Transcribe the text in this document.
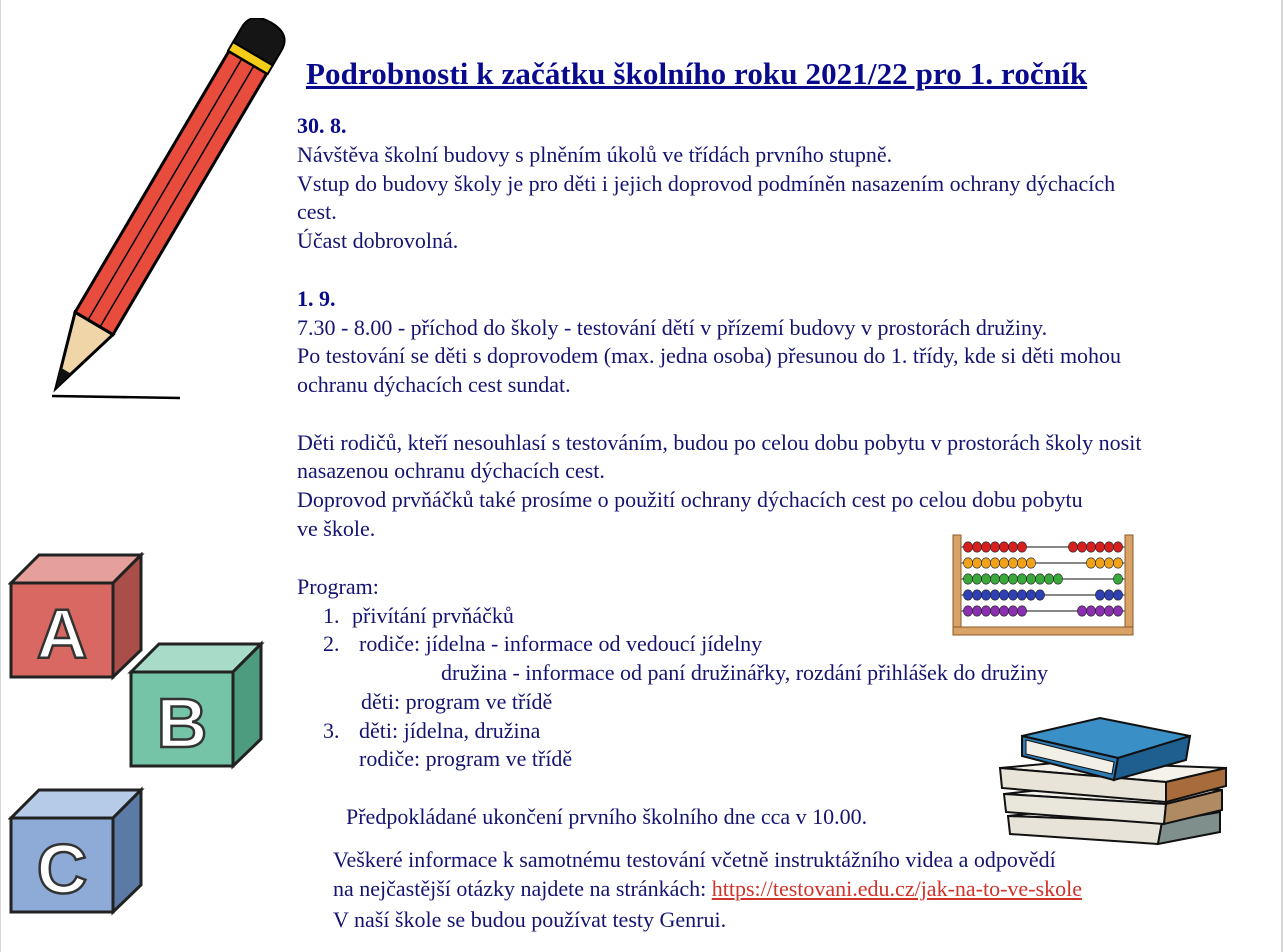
A
B
C
Podrobnosti k začátku školního roku 2021/22 pro 1. ročník
30. 8.
Návštěva školní budovy s plněním úkolů ve třídách prvního stupně.
Vstup do budovy školy je pro děti i jejich doprovod podmíněn nasazením ochrany dýchacích
cest.
Účast dobrovolná.
1. 9.
7.30 - 8.00 - příchod do školy - testování dětí v přízemí budovy v prostorách družiny.
Po testování se děti s doprovodem (max. jedna osoba) přesunou do 1. třídy, kde si děti mohou
ochranu dýchacích cest sundat.
Děti rodičů, kteří nesouhlasí s testováním, budou po celou dobu pobytu v prostorách školy nosit
nasazenou ochranu dýchacích cest.
Doprovod prvňáčků také prosíme o použití ochrany dýchacích cest po celou dobu pobytu
ve škole.
Program:
1. přivítání prvňáčků
2. rodiče: jídelna - informace od vedoucí jídelny
družina - informace od paní družinářky, rozdání přihlášek do družiny
děti: program ve třídě
3. děti: jídelna, družina
rodiče: program ve třídě
Předpokládané ukončení prvního školního dne cca v 10.00.
Veškeré informace k samotnému testování včetně instruktážního videa a odpovědí
na nejčastější otázky najdete na stránkách: https://testovani.edu.cz/jak-na-to-ve-skole
V naší škole se budou používat testy Genrui.
